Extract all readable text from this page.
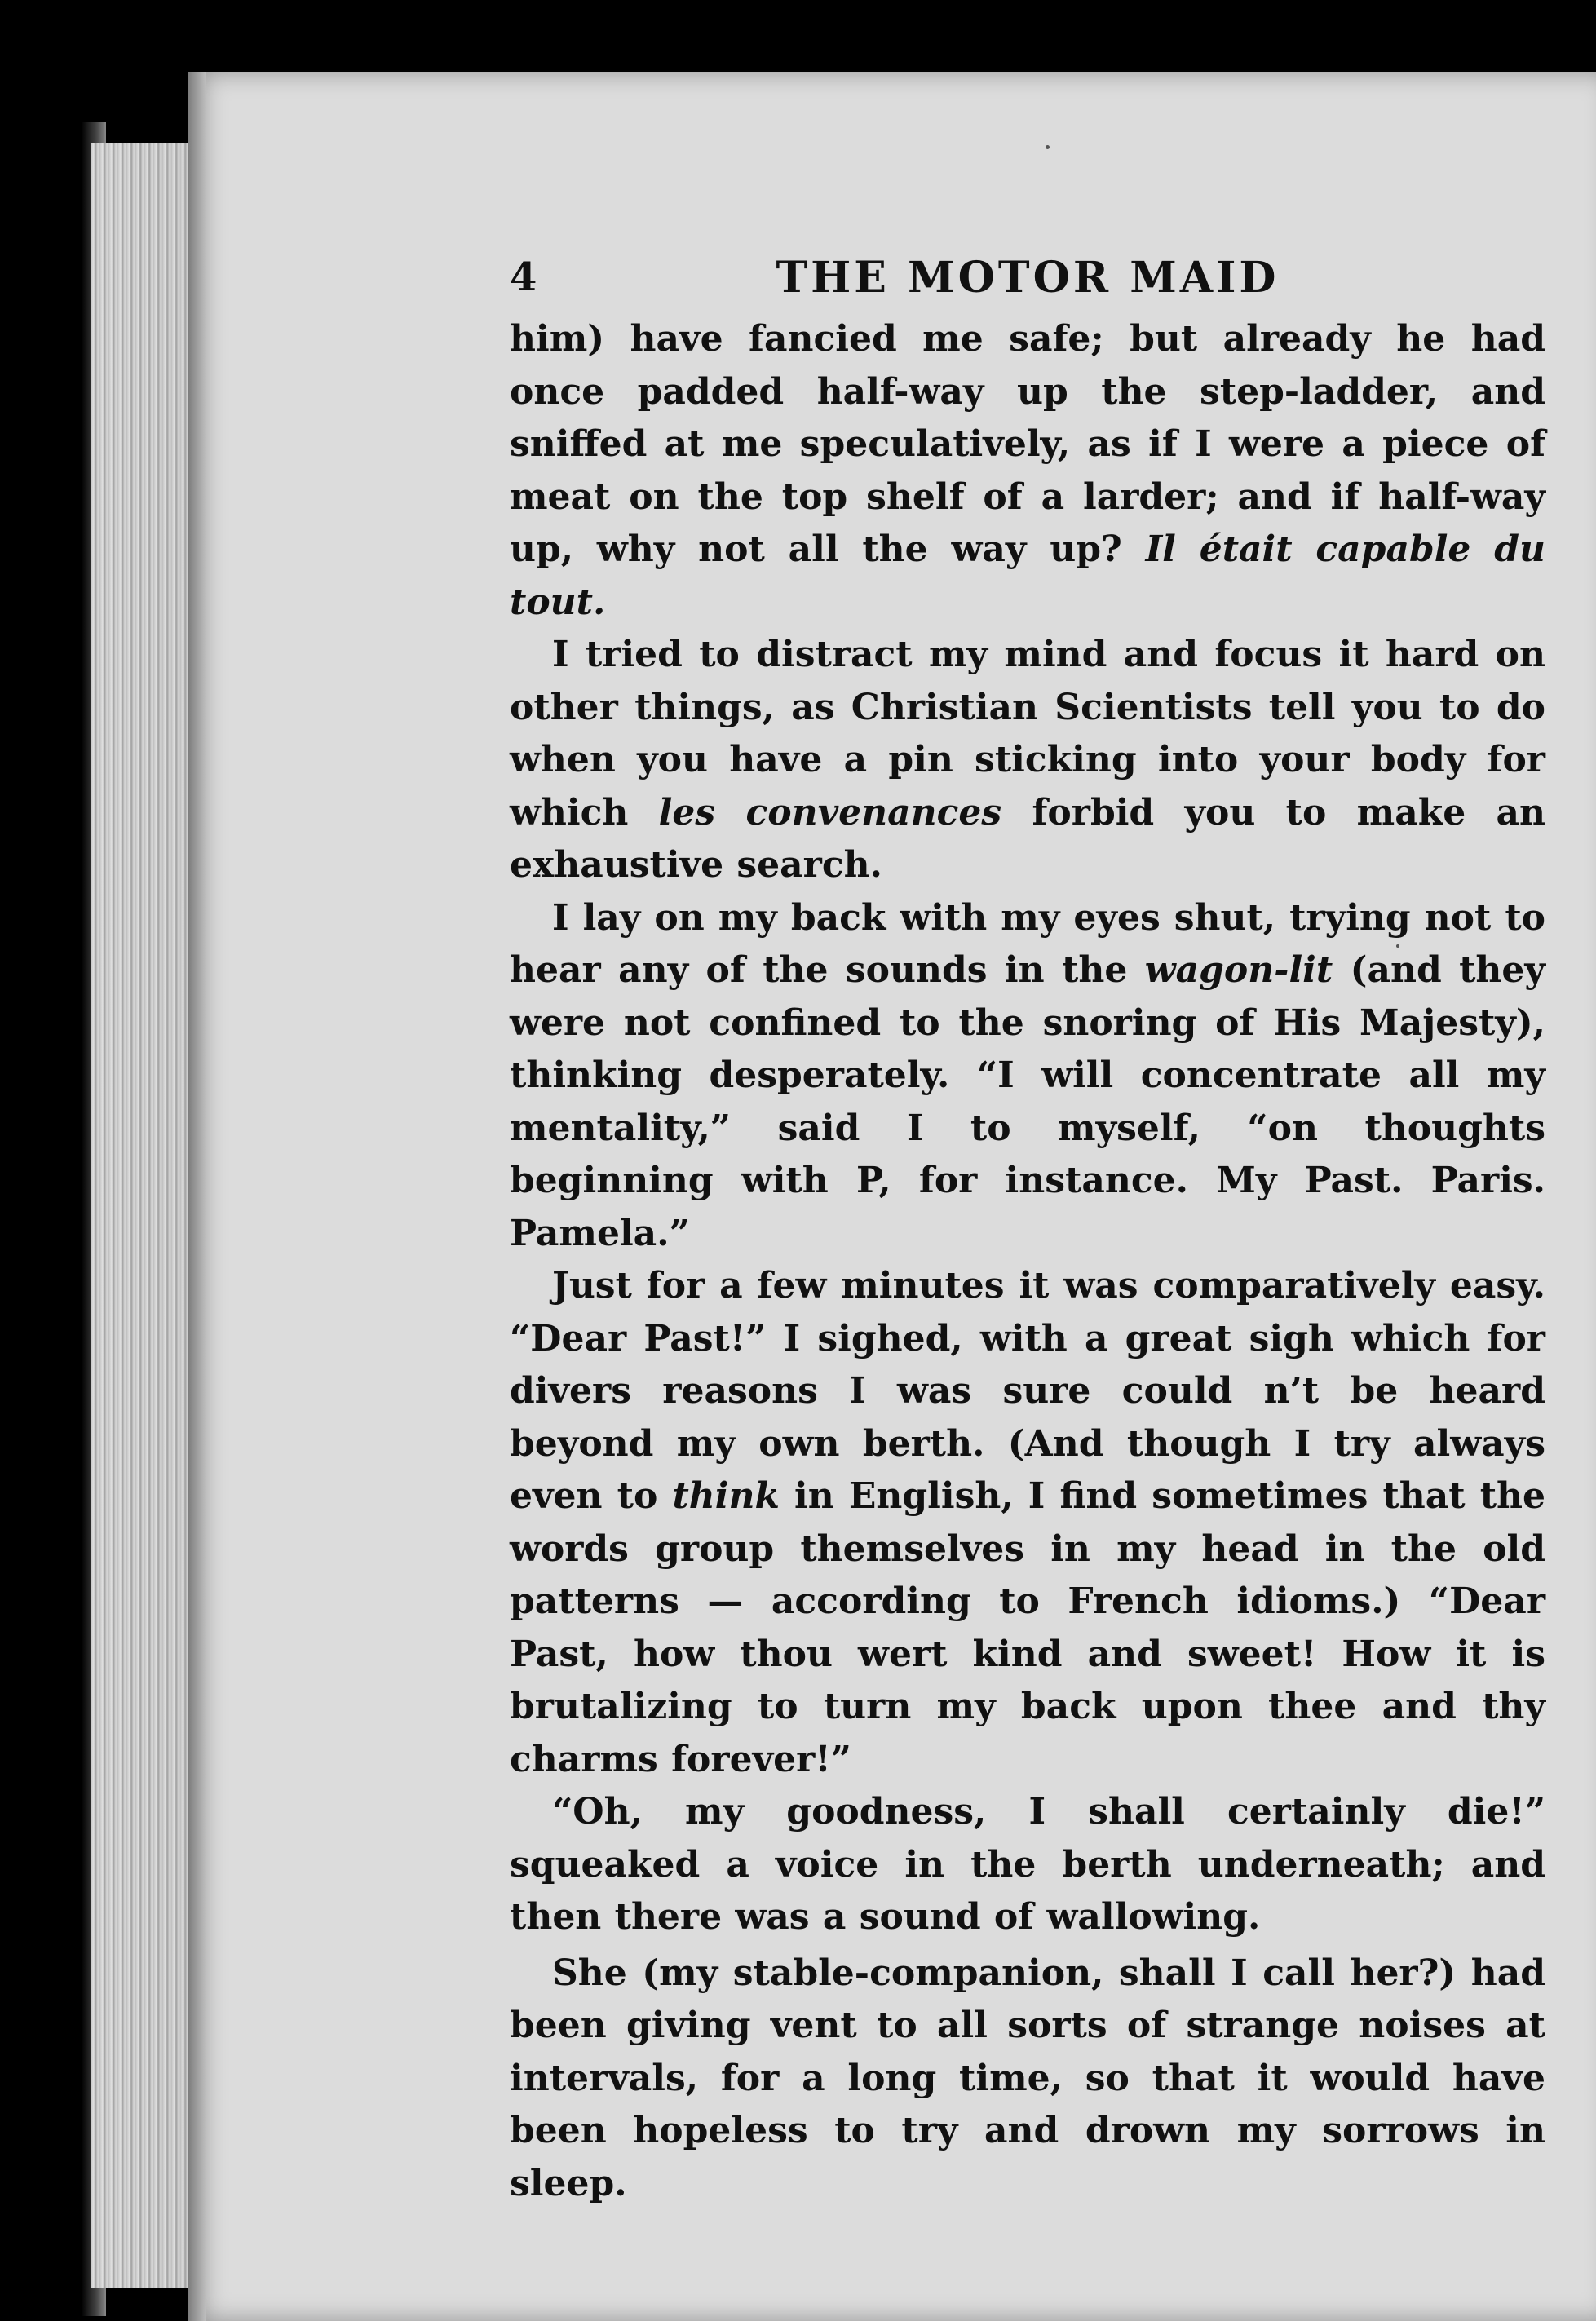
4	THE MOTOR MAID

him) have fancied me safe; but already he had once padded half-way up the step-ladder, and sniffed at me speculatively, as if I were a piece of meat on the top shelf of a larder; and if half-way up, why not all the way up? Il était capable du tout.

I tried to distract my mind and focus it hard on other things, as Christian Scientists tell you to do when you have a pin sticking into your body for which les convenances forbid you to make an exhaustive search.

I lay on my back with my eyes shut, trying not to hear any of the sounds in the wagon-lit (and they were not confined to the snoring of His Majesty), thinking desperately. “I will concentrate all my mentality,” said I to myself, “on thoughts beginning with P, for instance. My Past. Paris. Pamela.”

Just for a few minutes it was comparatively easy. “Dear Past!” I sighed, with a great sigh which for divers reasons I was sure could n’t be heard beyond my own berth. (And though I try always even to think in English, I find sometimes that the words group themselves in my head in the old patterns — according to French idioms.) “Dear Past, how thou wert kind and sweet! How it is brutalizing to turn my back upon thee and thy charms forever!”

“Oh, my goodness, I shall certainly die!” squeaked a voice in the berth underneath; and then there was a sound of wallowing.

She (my stable-companion, shall I call her?) had been giving vent to all sorts of strange noises at intervals, for a long time, so that it would have been hopeless to try and drown my sorrows in sleep.
